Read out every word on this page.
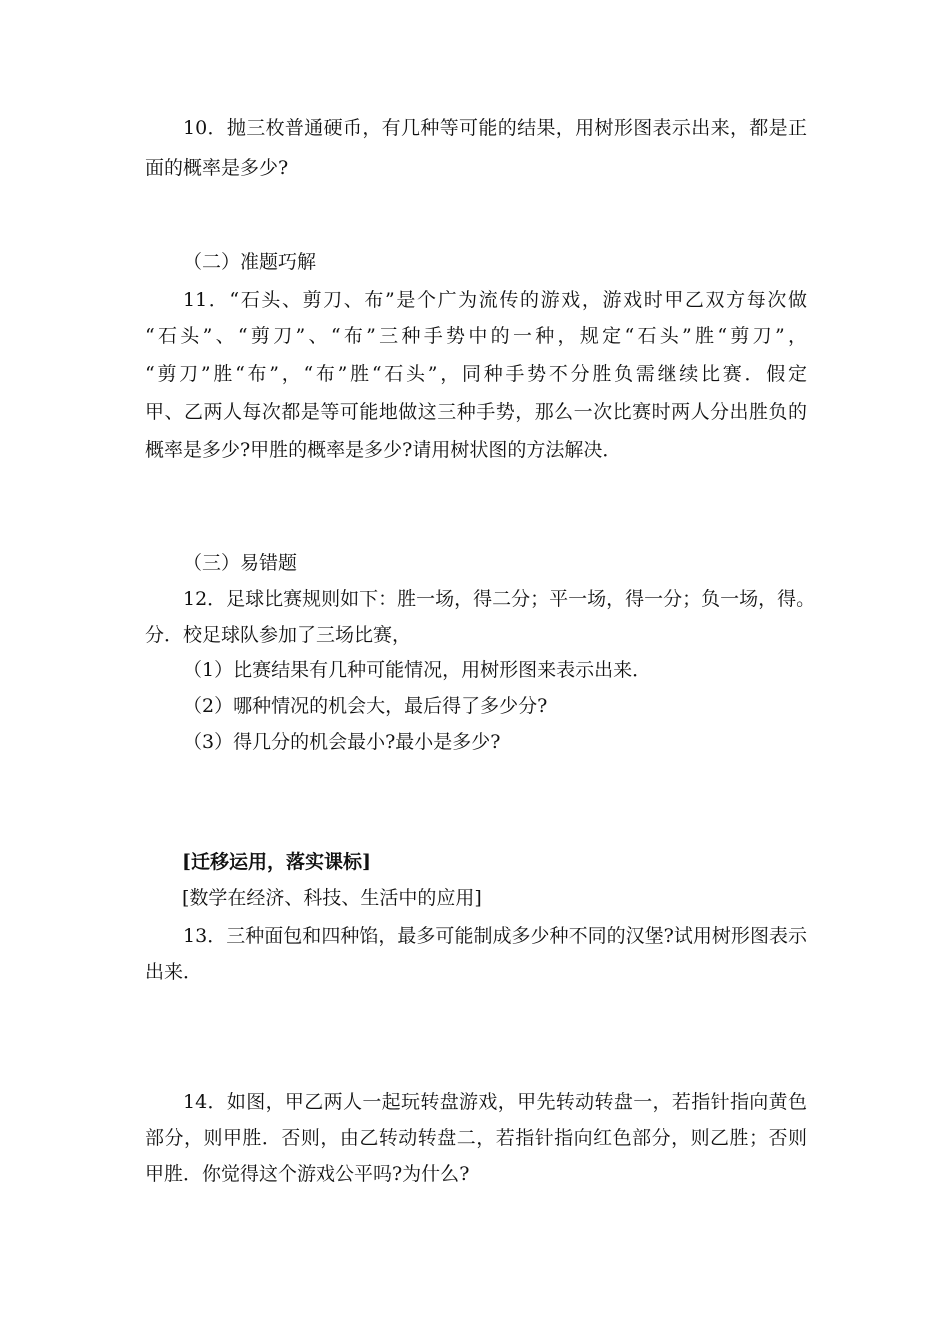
10．抛三枚普通硬币，有几种等可能的结果，用树形图表示出来，都是正
面的概率是多少?
（二）准题巧解
11．“石头、剪刀、布”是个广为流传的游戏，游戏时甲乙双方每次做
“石头”、“剪刀”、“布”三种手势中的一种，规定“石头”胜“剪刀”，
“剪刀”胜“布”，“布”胜“石头”，同种手势不分胜负需继续比赛．假定
甲、乙两人每次都是等可能地做这三种手势，那么一次比赛时两人分出胜负的
概率是多少?甲胜的概率是多少?请用树状图的方法解决．
（三）易错题
12．足球比赛规则如下：胜一场，得二分；平一场，得一分；负一场，得。
分．校足球队参加了三场比赛，
（1）比赛结果有几种可能情况，用树形图来表示出来．
（2）哪种情况的机会大，最后得了多少分?
（3）得几分的机会最小?最小是多少?
[迁移运用，落实课标]
[数学在经济、科技、生活中的应用]
13．三种面包和四种馅，最多可能制成多少种不同的汉堡?试用树形图表示
出来．
14．如图，甲乙两人一起玩转盘游戏，甲先转动转盘一，若指针指向黄色
部分，则甲胜．否则，由乙转动转盘二，若指针指向红色部分，则乙胜；否则
甲胜．你觉得这个游戏公平吗?为什么?
